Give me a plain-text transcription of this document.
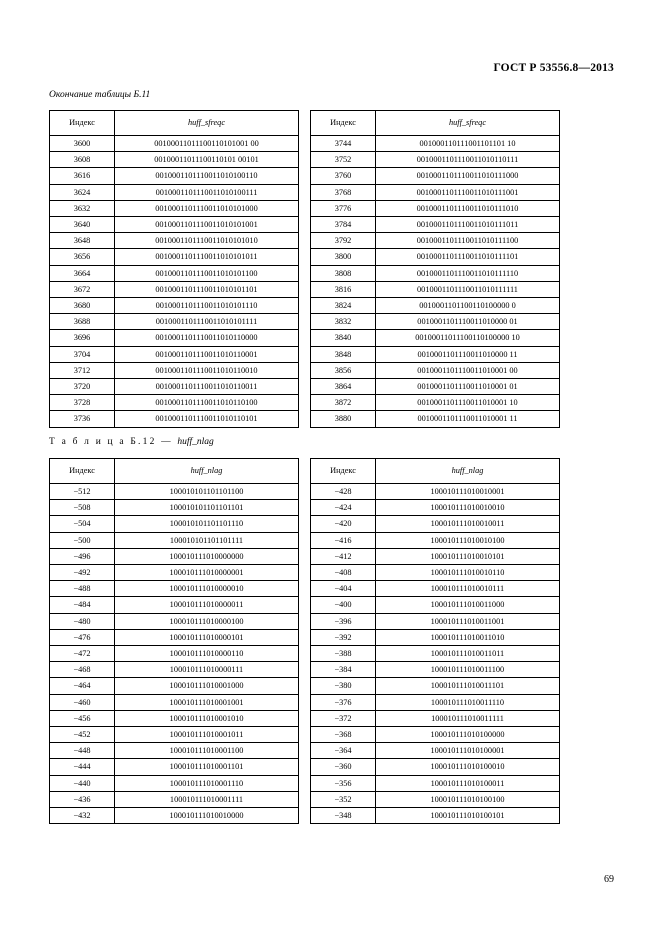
ГОСТ Р 53556.8—2013
Окончание таблицы Б.11
Индекс	huff_sfreqc		Индекс	huff_sfreqc
3600	00100011011100110101001 00		3744	001000110111001101101 10
3608	00100011011100110101 00101		3752	0010001101110011010110111
3616	0010001101110011010100110		3760	0010001101110011010111000
3624	0010001101110011010100111		3768	0010001101110011010111001
3632	0010001101110011010101000		3776	0010001101110011010111010
3640	0010001101110011010101001		3784	0010001101110011010111011
3648	0010001101110011010101010		3792	0010001101110011010111100
3656	0010001101110011010101011		3800	0010001101110011010111101
3664	0010001101110011010101100		3808	0010001101110011010111110
3672	0010001101110011010101101		3816	0010001101110011010111111
3680	0010001101110011010101110		3824	0010001101100110100000 0
3688	0010001101110011010101111		3832	0010001101110011010000 01
3696	0010001101110011010110000		3840	00100011011100110100000 10
3704	0010001101110011010110001		3848	0010001101110011010000 11
3712	0010001101110011010110010		3856	0010001101110011010001 00
3720	0010001101110011010110011		3864	0010001101110011010001 01
3728	0010001101110011010110100		3872	0010001101110011010001 10
3736	0010001101110011010110101		3880	0010001101110011010001 11
Т а б л и ц а Б.12 — huff_nlag
Индекс	huff_nlag		Индекс	huff_nlag
−512	100010101101101100		−428	100010111010010001
−508	100010101101101101		−424	100010111010010010
−504	100010101101101110		−420	100010111010010011
−500	100010101101101111		−416	100010111010010100
−496	100010111010000000		−412	100010111010010101
−492	100010111010000001		−408	100010111010010110
−488	100010111010000010		−404	100010111010010111
−484	100010111010000011		−400	100010111010011000
−480	100010111010000100		−396	100010111010011001
−476	100010111010000101		−392	100010111010011010
−472	100010111010000110		−388	100010111010011011
−468	100010111010000111		−384	100010111010011100
−464	100010111010001000		−380	100010111010011101
−460	100010111010001001		−376	100010111010011110
−456	100010111010001010		−372	100010111010011111
−452	100010111010001011		−368	100010111010100000
−448	100010111010001100		−364	100010111010100001
−444	100010111010001101		−360	100010111010100010
−440	100010111010001110		−356	100010111010100011
−436	100010111010001111		−352	100010111010100100
−432	100010111010010000		−348	100010111010100101
69
